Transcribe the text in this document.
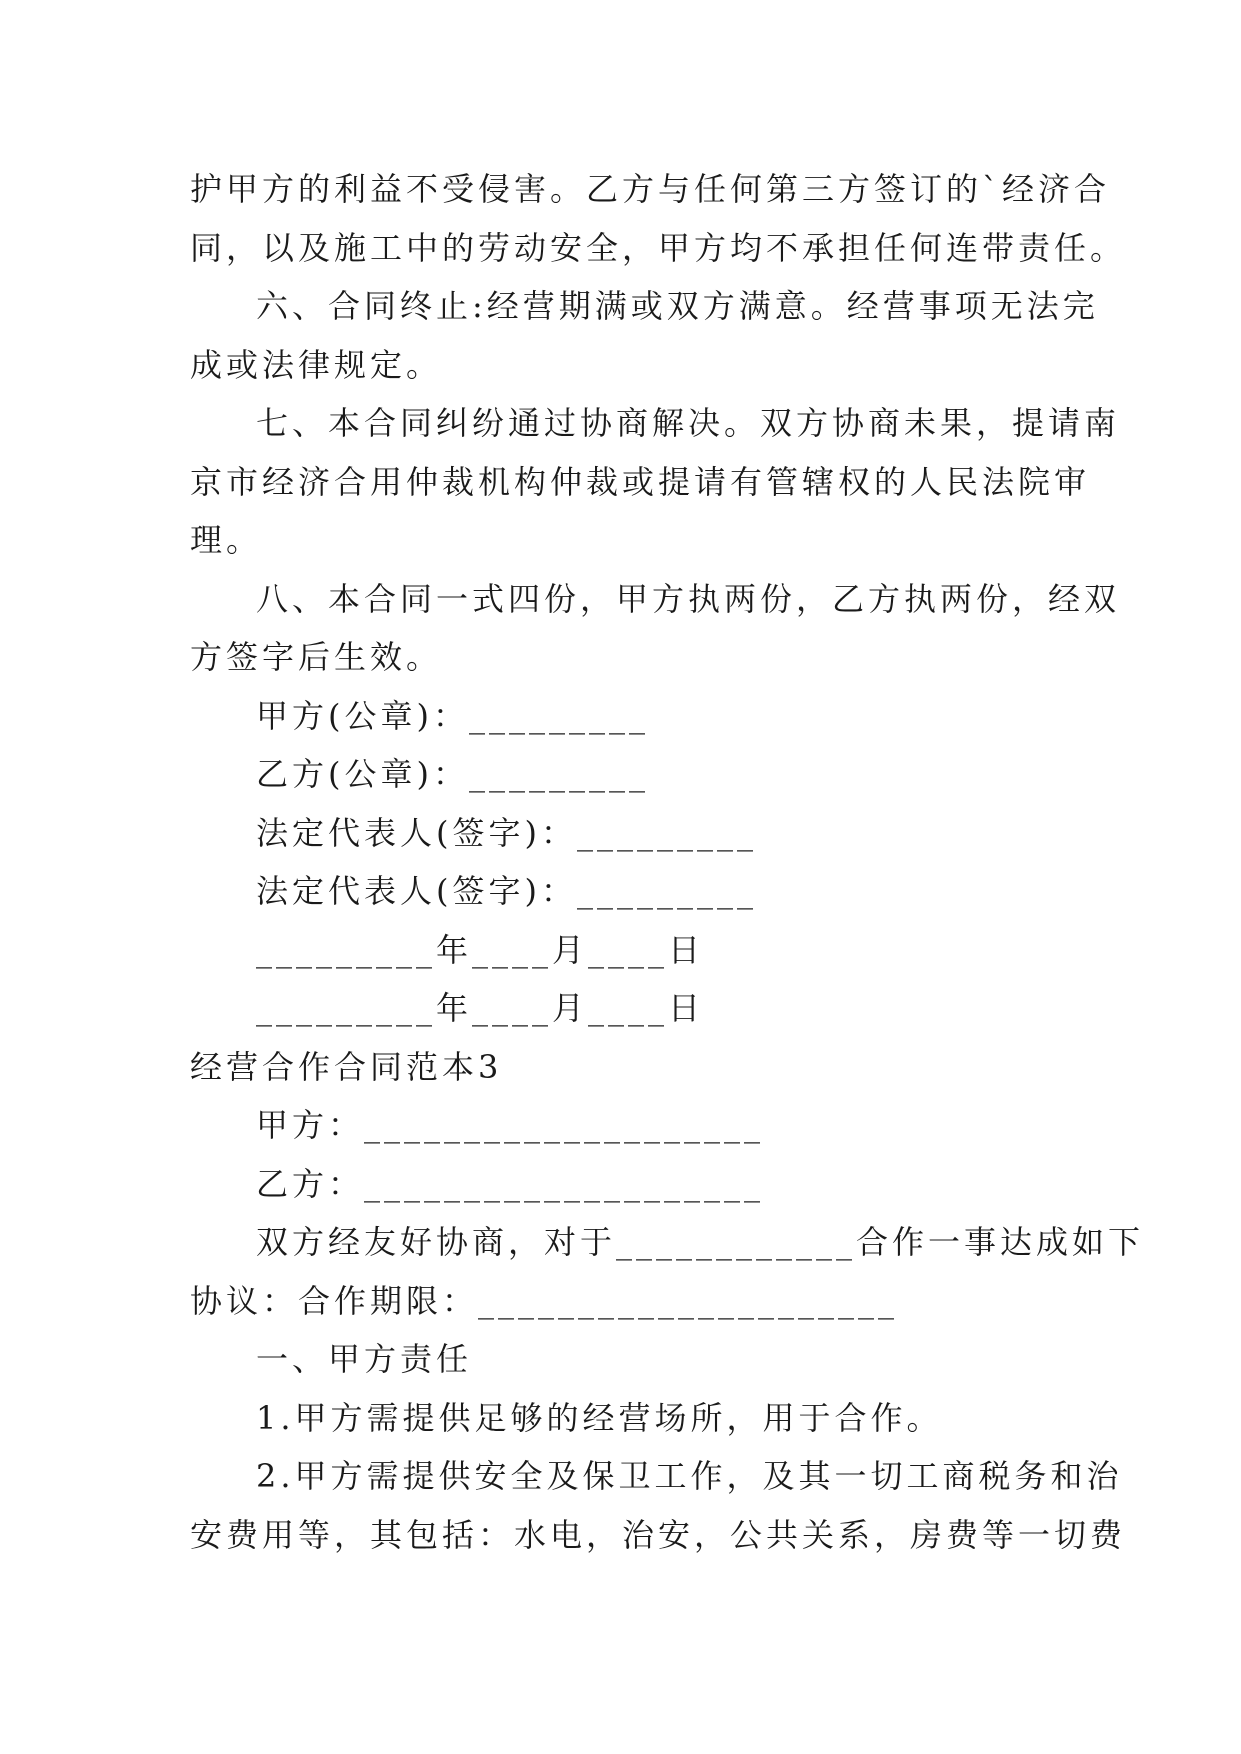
护甲方的利益不受侵害。乙方与任何第三方签订的`经济合
同，以及施工中的劳动安全，甲方均不承担任何连带责任。
六、合同终止:经营期满或双方满意。经营事项无法完
成或法律规定。
七、本合同纠纷通过协商解决。双方协商未果，提请南
京市经济合用仲裁机构仲裁或提请有管辖权的人民法院审
理。
八、本合同一式四份，甲方执两份，乙方执两份，经双
方签字后生效。
甲方(公章)：_________
乙方(公章)：_________
法定代表人(签字)：_________
法定代表人(签字)：_________
_________年____月____日
_________年____月____日
经营合作合同范本3
甲方：____________________
乙方：____________________
双方经友好协商，对于____________合作一事达成如下
协议：合作期限：_____________________
一、甲方责任
1.甲方需提供足够的经营场所，用于合作。
2.甲方需提供安全及保卫工作，及其一切工商税务和治
安费用等，其包括：水电，治安，公共关系，房费等一切费
